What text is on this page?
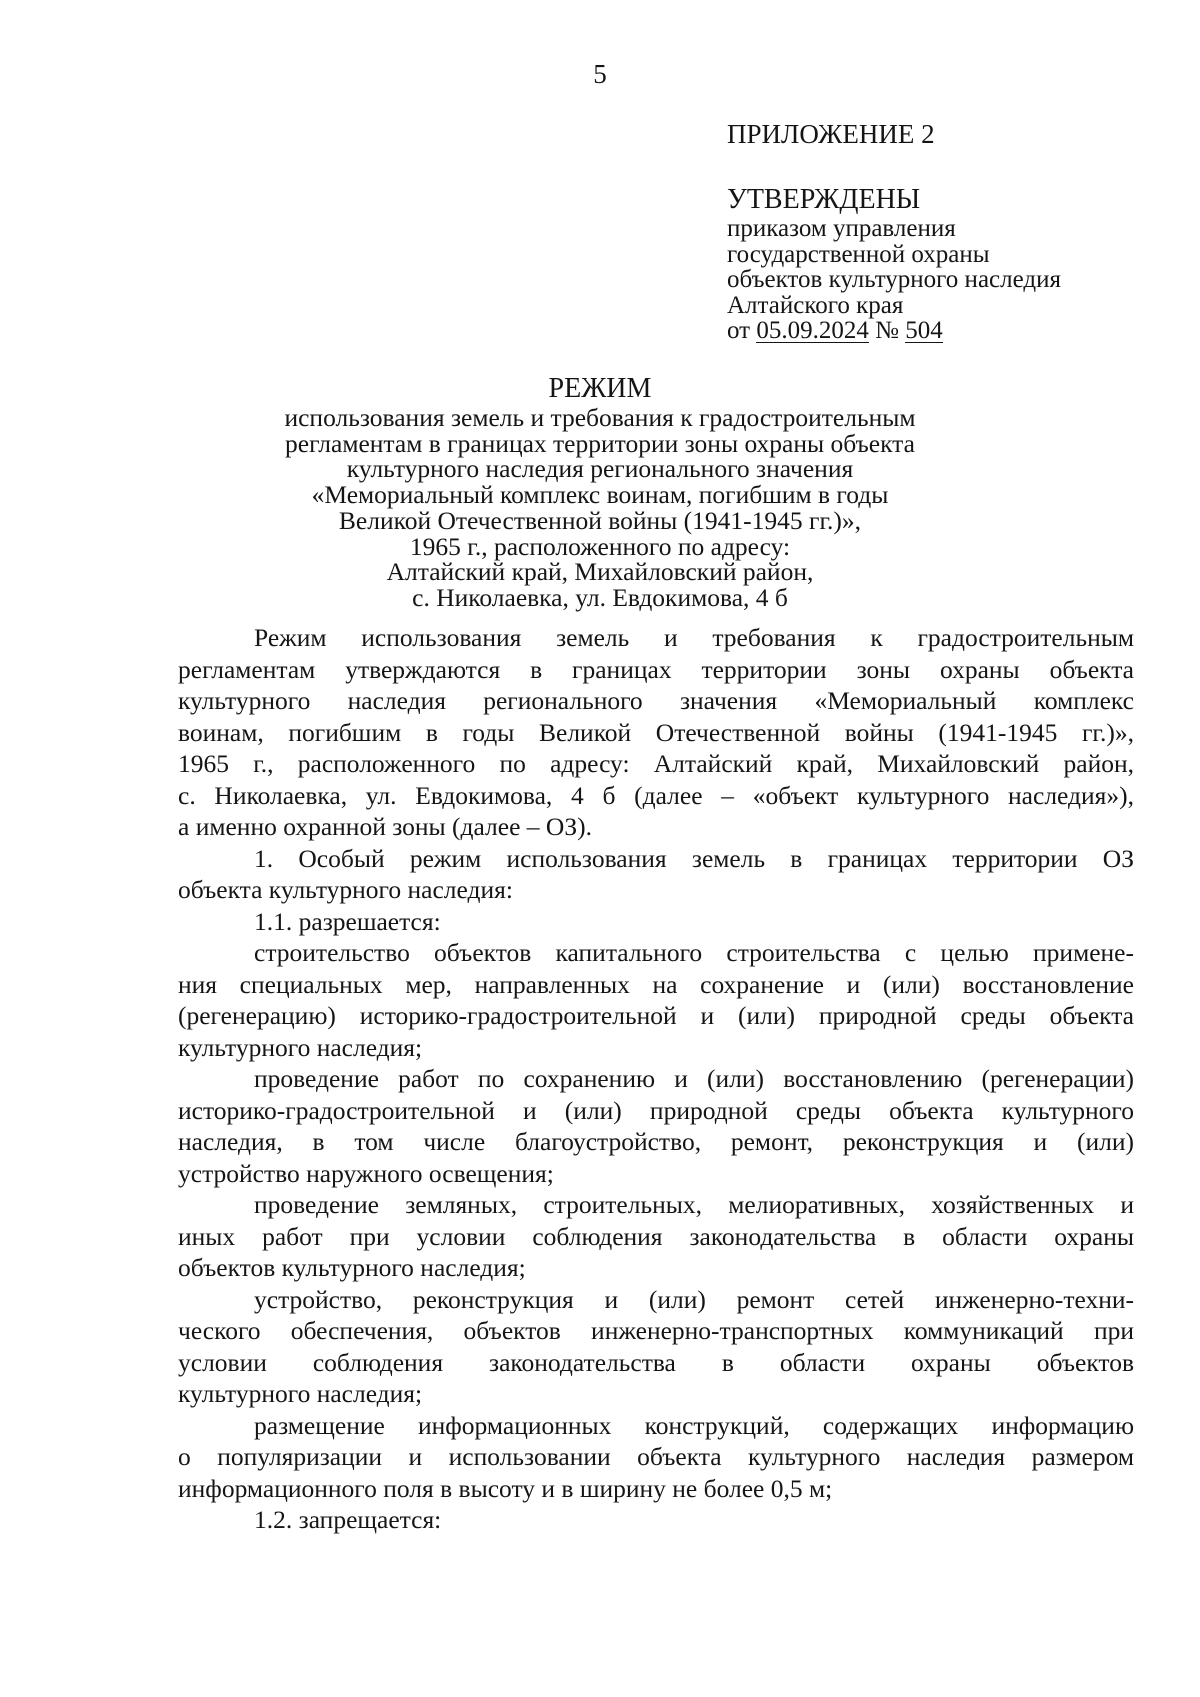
5
ПРИЛОЖЕНИЕ 2
УТВЕРЖДЕНЫ
приказом управления
государственной охраны
объектов культурного наследия
Алтайского края
от 05.09.2024 № 504
РЕЖИМ
использования земель и требования к градостроительным
регламентам в границах территории зоны охраны объекта
культурного наследия регионального значения
«Мемориальный комплекс воинам, погибшим в годы
Великой Отечественной войны (1941-1945 гг.)»,
1965 г., расположенного по адресу:
Алтайский край, Михайловский район,
с. Николаевка, ул. Евдокимова, 4 б
Режим использования земель и требования к градостроительным
регламентам утверждаются в границах территории зоны охраны объекта
культурного наследия регионального значения «Мемориальный комплекс
воинам, погибшим в годы Великой Отечественной войны (1941-1945 гг.)»,
1965 г., расположенного по адресу: Алтайский край, Михайловский район,
с. Николаевка, ул. Евдокимова, 4 б (далее – «объект культурного наследия»),
а именно охранной зоны (далее – ОЗ).
1. Особый режим использования земель в границах территории ОЗ
объекта культурного наследия:
1.1. разрешается:
строительство объектов капитального строительства с целью примене-
ния специальных мер, направленных на сохранение и (или) восстановление
(регенерацию) историко-градостроительной и (или) природной среды объекта
культурного наследия;
проведение работ по сохранению и (или) восстановлению (регенерации)
историко-градостроительной и (или) природной среды объекта культурного
наследия, в том числе благоустройство, ремонт, реконструкция и (или)
устройство наружного освещения;
проведение земляных, строительных, мелиоративных, хозяйственных и
иных работ при условии соблюдения законодательства в области охраны
объектов культурного наследия;
устройство, реконструкция и (или) ремонт сетей инженерно-техни-
ческого обеспечения, объектов инженерно-транспортных коммуникаций при
условии соблюдения законодательства в области охраны объектов
культурного наследия;
размещение информационных конструкций, содержащих информацию
о популяризации и использовании объекта культурного наследия размером
информационного поля в высоту и в ширину не более 0,5 м;
1.2. запрещается:
